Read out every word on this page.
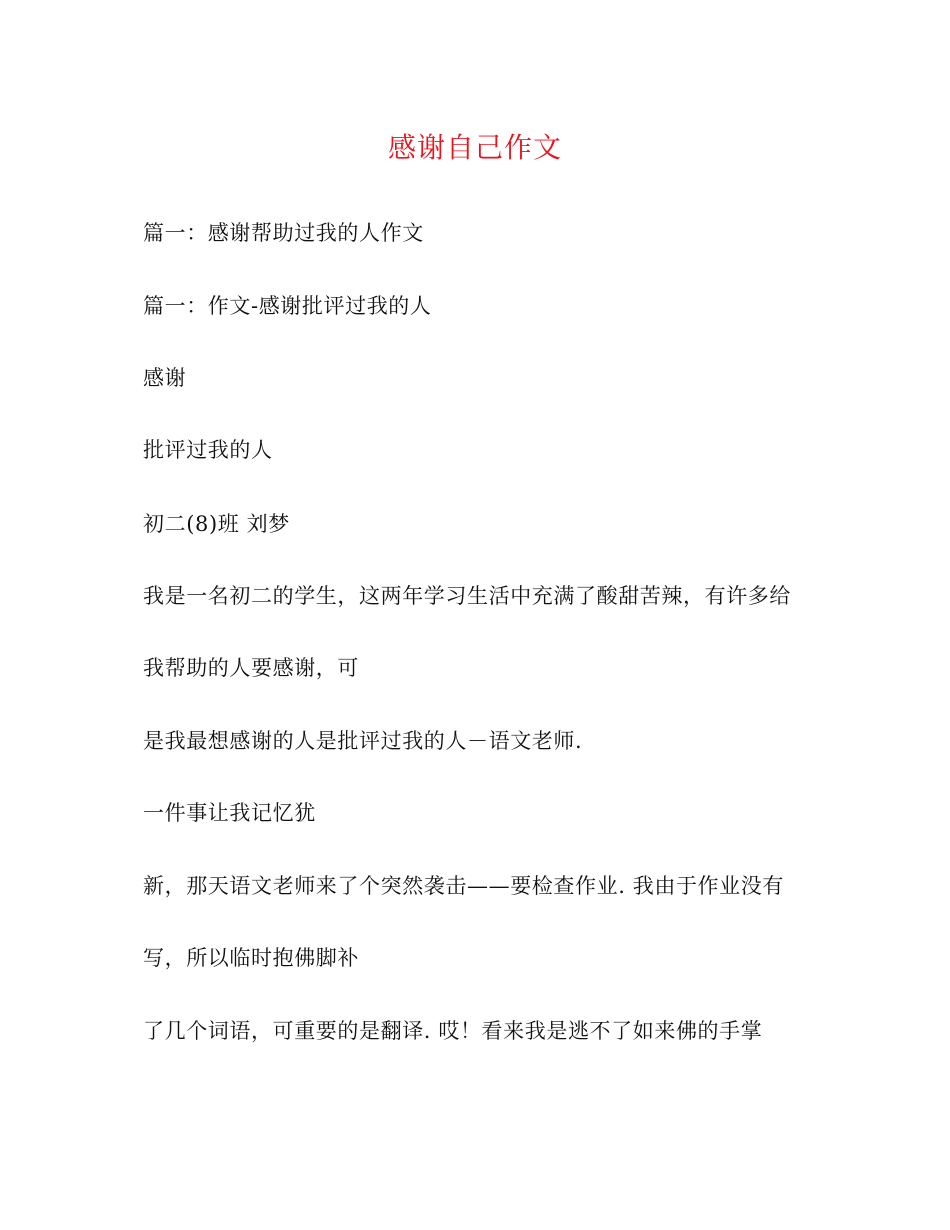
感谢自己作文
篇一：感谢帮助过我的人作文
篇一：作文-感谢批评过我的人
感谢
批评过我的人
初二(8)班 刘梦
我是一名初二的学生，这两年学习生活中充满了酸甜苦辣，有许多给
我帮助的人要感谢，可
是我最想感谢的人是批评过我的人－语文老师.
一件事让我记忆犹
新，那天语文老师来了个突然袭击——要检查作业. 我由于作业没有
写，所以临时抱佛脚补
了几个词语，可重要的是翻译. 哎！看来我是逃不了如来佛的手掌
